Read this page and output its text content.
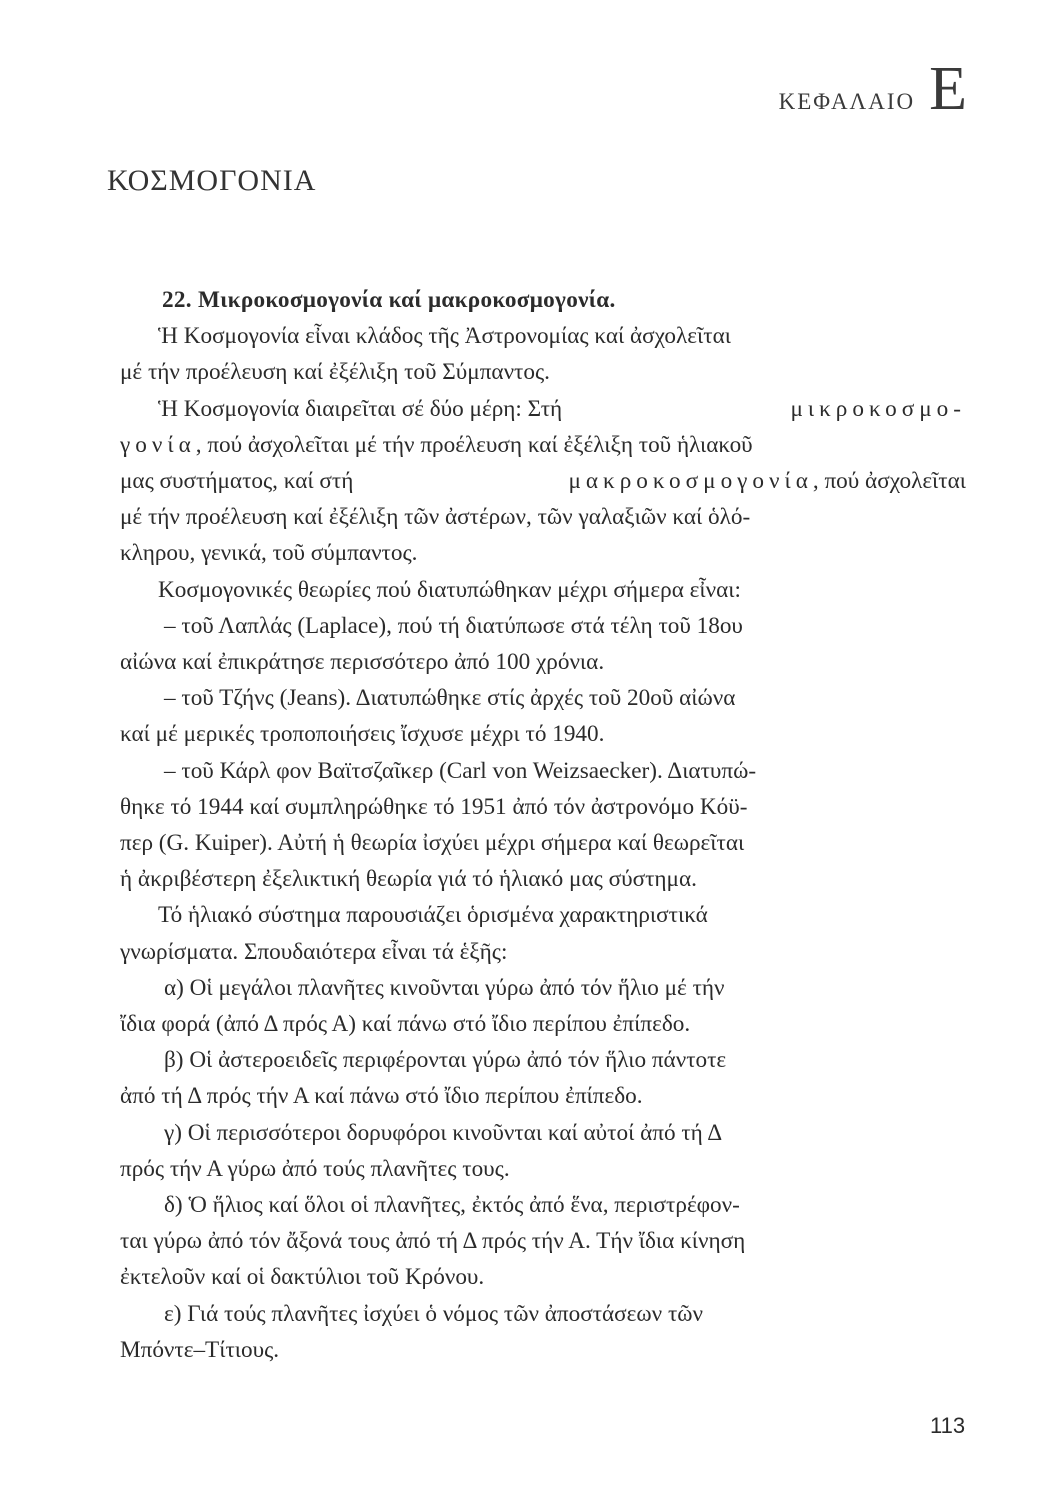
ΚΕΦΑΛΑΙΟ Ε
ΚΟΣΜΟΓΟΝΙΑ
22. Μικροκοσμογονία καί μακροκοσμογονία.
Ἡ Κοσμογονία εἶναι κλάδος τῆς Ἀστρονομίας καί ἀσχολεῖται
μέ τήν προέλευση καί ἐξέλιξη τοῦ Σύμπαντος.
Ἡ Κοσμογονία διαιρεῖται σέ δύο μέρη: Στή	μικροκοσμο-
γονία , πού ἀσχολεῖται μέ τήν προέλευση καί ἐξέλιξη τοῦ ἡλιακοῦ
μας συστήματος, καί στή	μακροκοσμογονία, πού ἀσχολεῖται
μέ τήν προέλευση καί ἐξέλιξη τῶν ἀστέρων, τῶν γαλαξιῶν καί ὁλό-
κληρου, γενικά, τοῦ σύμπαντος.
Κοσμογονικές θεωρίες πού διατυπώθηκαν μέχρι σήμερα εἶναι:
– τοῦ Λαπλάς (Laplace), πού τή διατύπωσε στά τέλη τοῦ 18ου
αἰώνα καί ἐπικράτησε περισσότερο ἀπό 100 χρόνια.
– τοῦ Τζήνς (Jeans). Διατυπώθηκε στίς ἀρχές τοῦ 20οῦ αἰώνα
καί μέ μερικές τροποποιήσεις ἴσχυσε μέχρι τό 1940.
– τοῦ Κάρλ φον Βαϊτσζαῖκερ (Carl von Weizsaecker). Διατυπώ-
θηκε τό 1944 καί συμπληρώθηκε τό 1951 ἀπό τόν ἀστρονόμο Κόϋ-
περ (G. Kuiper). Αὐτή ἡ θεωρία ἰσχύει μέχρι σήμερα καί θεωρεῖται
ἡ ἀκριβέστερη ἐξελικτική θεωρία γιά τό ἡλιακό μας σύστημα.
Τό ἡλιακό σύστημα παρουσιάζει ὁρισμένα χαρακτηριστικά
γνωρίσματα. Σπουδαιότερα εἶναι τά ἑξῆς:
α) Οἱ μεγάλοι πλανῆτες κινοῦνται γύρω ἀπό τόν ἥλιο μέ τήν
ἴδια φορά (ἀπό Δ πρός Α) καί πάνω στό ἴδιο περίπου ἐπίπεδο.
β) Οἱ ἀστεροειδεῖς περιφέρονται γύρω ἀπό τόν ἥλιο πάντοτε
ἀπό τή Δ πρός τήν Α καί πάνω στό ἴδιο περίπου ἐπίπεδο.
γ) Οἱ περισσότεροι δορυφόροι κινοῦνται καί αὐτοί ἀπό τή Δ
πρός τήν Α γύρω ἀπό τούς πλανῆτες τους.
δ) Ὁ ἥλιος καί ὅλοι οἱ πλανῆτες, ἐκτός ἀπό ἕνα, περιστρέφον-
ται γύρω ἀπό τόν ἄξονά τους ἀπό τή Δ πρός τήν Α. Τήν ἴδια κίνηση
ἐκτελοῦν καί οἱ δακτύλιοι τοῦ Κρόνου.
ε) Γιά τούς πλανῆτες ἰσχύει ὁ νόμος τῶν ἀποστάσεων τῶν
Μπόντε–Τίτιους.
113
